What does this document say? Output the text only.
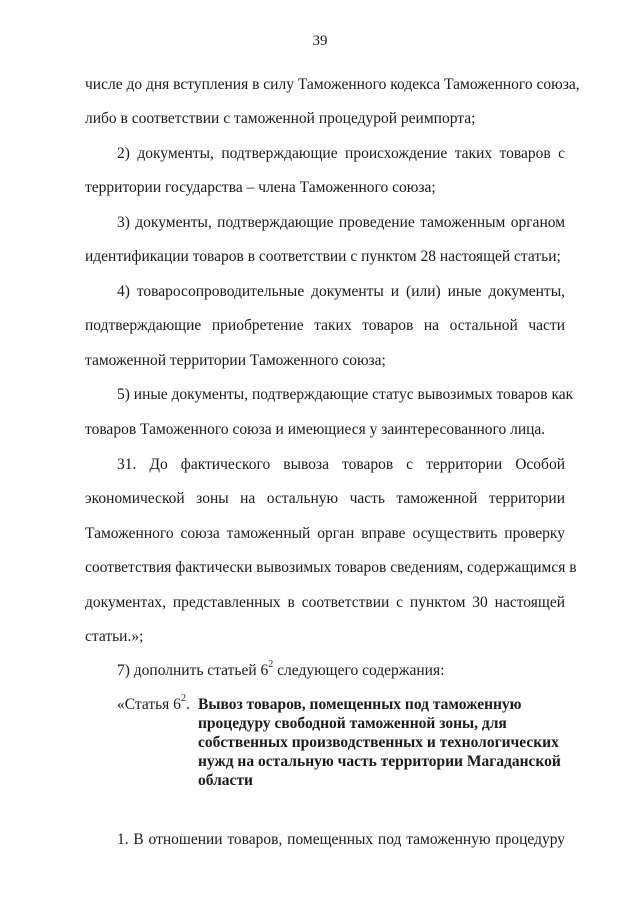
39
числе до дня вступления в силу Таможенного кодекса Таможенного союза,
либо в соответствии с таможенной процедурой реимпорта;
2) документы, подтверждающие происхождение таких товаров с
территории государства – члена Таможенного союза;
3) документы, подтверждающие проведение таможенным органом
идентификации товаров в соответствии с пунктом 28 настоящей статьи;
4) товаросопроводительные документы и (или) иные документы,
подтверждающие приобретение таких товаров на остальной части
таможенной территории Таможенного союза;
5) иные документы, подтверждающие статус вывозимых товаров как
товаров Таможенного союза и имеющиеся у заинтересованного лица.
31. До фактического вывоза товаров с территории Особой
экономической зоны на остальную часть таможенной территории
Таможенного союза таможенный орган вправе осуществить проверку
соответствия фактически вывозимых товаров сведениям, содержащимся в
документах, представленных в соответствии с пунктом 30 настоящей
статьи.»;
7) дополнить статьей $6^2$ следующего содержания:
«Статья $6^2$. Вывоз товаров, помещенных под таможенную
процедуру свободной таможенной зоны, для
собственных производственных и технологических
нужд на остальную часть территории Магаданской
области
1. В отношении товаров, помещенных под таможенную процедуру
